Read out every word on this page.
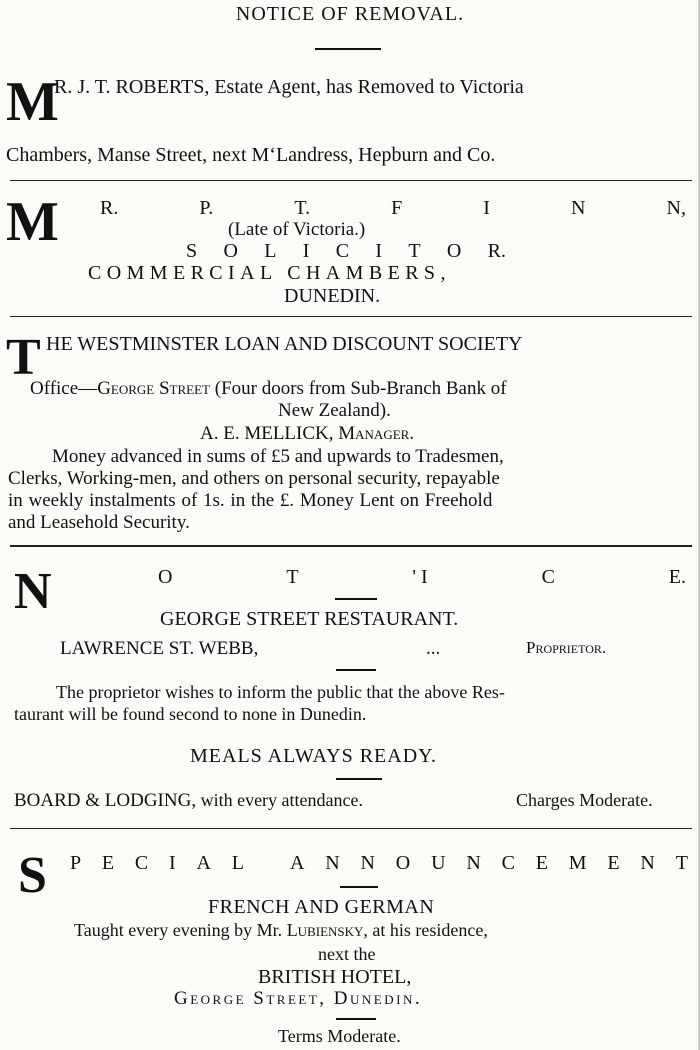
NOTICE OF REMOVAL.
M
R. J. T. ROBERTS, Estate Agent, has Removed to Victoria
Chambers, Manse Street, next M‘Landress, Hepburn and Co.
M R.	P.	T.	F	I	N	N,
(Late of Victoria.)
S O L I C I T O R.
COMMERCIAL CHAMBERS,
DUNEDIN.
T HE WESTMINSTER LOAN AND DISCOUNT SOCIETY
Office—George Street (Four doors from Sub-Branch Bank of
New Zealand).
A. E. MELLICK, Manager.
Money advanced in sums of £5 and upwards to Tradesmen,
Clerks, Working-men, and others on personal security, repayable
in weekly instalments of 1s. in the £. Money Lent on Freehold
and Leasehold Security.
N	O	T	' I	C	E.
GEORGE STREET RESTAURANT.
LAWRENCE ST. WEBB,	...	Proprietor.
The proprietor wishes to inform the public that the above Res-
taurant will be found second to none in Dunedin.
MEALS ALWAYS READY.
BOARD & LODGING, with every attendance.	Charges Moderate.
S P E C I A L A N N O U N C E M E N T
FRENCH AND GERMAN
Taught every evening by Mr. Lubiensky, at his residence,
next the
BRITISH HOTEL,
George Street, Dunedin.
Terms Moderate.
